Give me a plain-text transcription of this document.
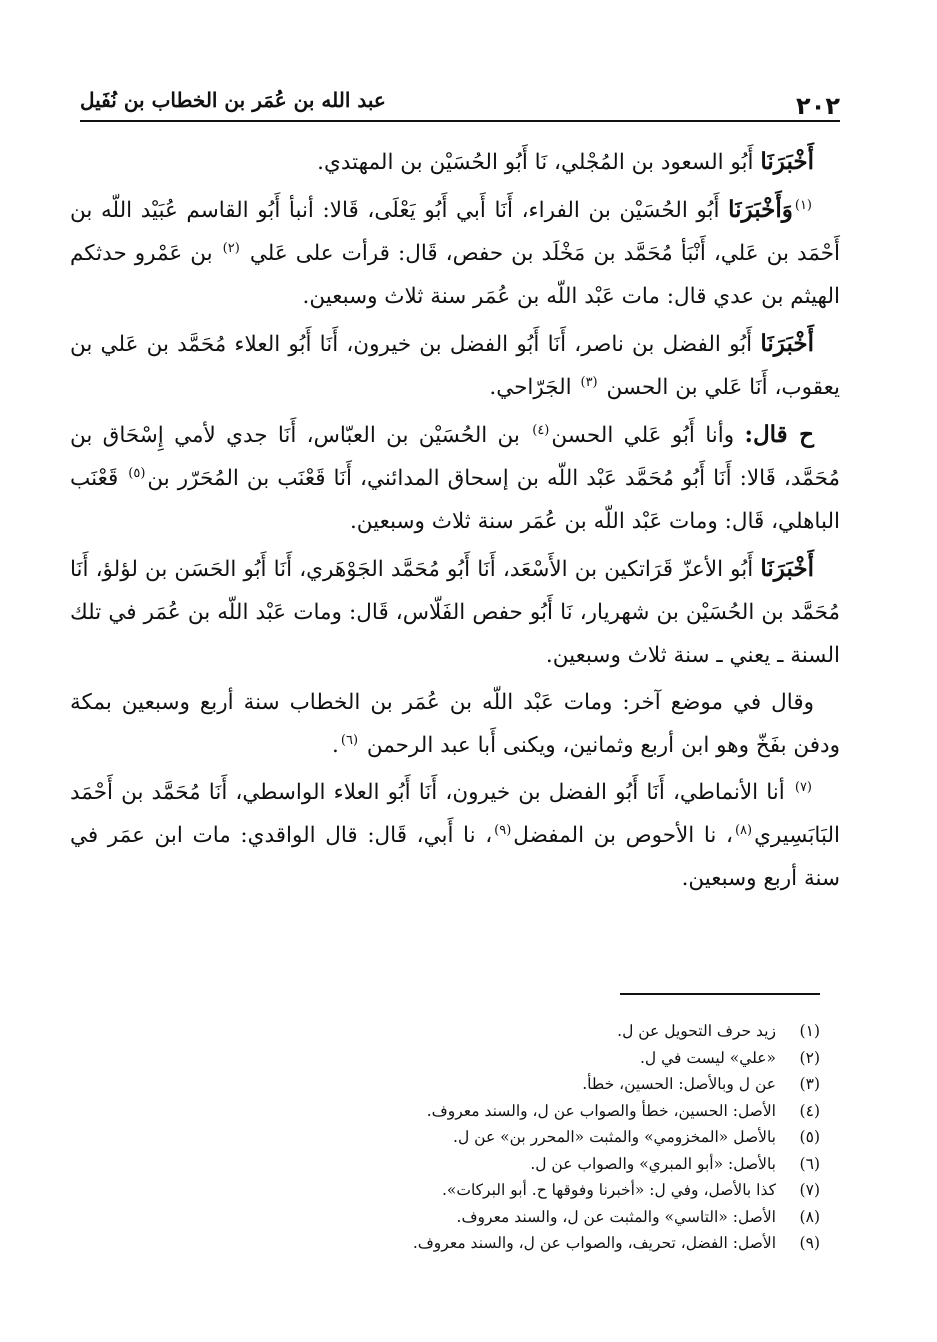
٢٠٢
عبد الله بن عُمَر بن الخطاب بن نُفَيل

أَخْبَرَنَا أَبُو السعود بن المُجْلي، نَا أَبُو الحُسَيْن بن المهتدي.

$^{(١)}$وَأَخْبَرَنَا أَبُو الحُسَيْن بن الفراء، أَنَا أَبي أَبُو يَعْلَى، قَالا: أنبأ أَبُو القاسم عُبَيْد اللّه بن أَحْمَد بن عَلي، أَنْبَأ مُحَمَّد بن مَخْلَد بن حفص، قَال: قرأت على عَلي $^{(٢)}$ بن عَمْرو حدثكم الهيثم بن عدي قال: مات عَبْد اللّه بن عُمَر سنة ثلاث وسبعين.

أَخْبَرَنَا أَبُو الفضل بن ناصر، أَنَا أَبُو الفضل بن خيرون، أَنَا أَبُو العلاء مُحَمَّد بن عَلي بن يعقوب، أَنَا عَلي بن الحسن $^{(٣)}$ الجَرّاحي.

ح قال: وأنا أَبُو عَلي الحسن$^{(٤)}$ بن الحُسَيْن بن العبّاس، أَنَا جدي لأمي إِسْحَاق بن مُحَمَّد، قَالا: أَنَا أَبُو مُحَمَّد عَبْد اللّه بن إسحاق المدائني، أَنَا قَعْنَب بن المُحَرّر بن$^{(٥)}$ قَعْنَب الباهلي، قَال: ومات عَبْد اللّه بن عُمَر سنة ثلاث وسبعين.

أَخْبَرَنَا أَبُو الأعزّ قَرَاتكين بن الأَسْعَد، أَنَا أَبُو مُحَمَّد الجَوْهَري، أَنَا أَبُو الحَسَن بن لؤلؤ، أَنَا مُحَمَّد بن الحُسَيْن بن شهريار، نَا أَبُو حفص الفَلّاس، قَال: ومات عَبْد اللّه بن عُمَر في تلك السنة ـ يعني ـ سنة ثلاث وسبعين.

وقال في موضع آخر: ومات عَبْد اللّه بن عُمَر بن الخطاب سنة أربع وسبعين بمكة ودفن بفَخّ وهو ابن أربع وثمانين، ويكنى أَبا عبد الرحمن $^{(٦)}$.

$^{(٧)}$ أنا الأنماطي، أَنَا أَبُو الفضل بن خيرون، أَنَا أَبُو العلاء الواسطي، أَنَا مُحَمَّد بن أَحْمَد البَابَسِيري$^{(٨)}$، نا الأحوص بن المفضل$^{(٩)}$، نا أَبي، قَال: قال الواقدي: مات ابن عمَر في سنة أربع وسبعين.

(١)زيد حرف التحويل عن ل.
(٢)«علي» ليست في ل.
(٣)عن ل وبالأصل: الحسين، خطأ.
(٤)الأصل: الحسين، خطأ والصواب عن ل، والسند معروف.
(٥)بالأصل «المخزومي» والمثبت «المحرر بن» عن ل.
(٦)بالأصل: «أبو المبري» والصواب عن ل.
(٧)كذا بالأصل، وفي ل: «أخبرنا وفوقها ح. أبو البركات».
(٨)الأصل: «التاسي» والمثبت عن ل، والسند معروف.
(٩)الأصل: الفضل، تحريف، والصواب عن ل، والسند معروف.
